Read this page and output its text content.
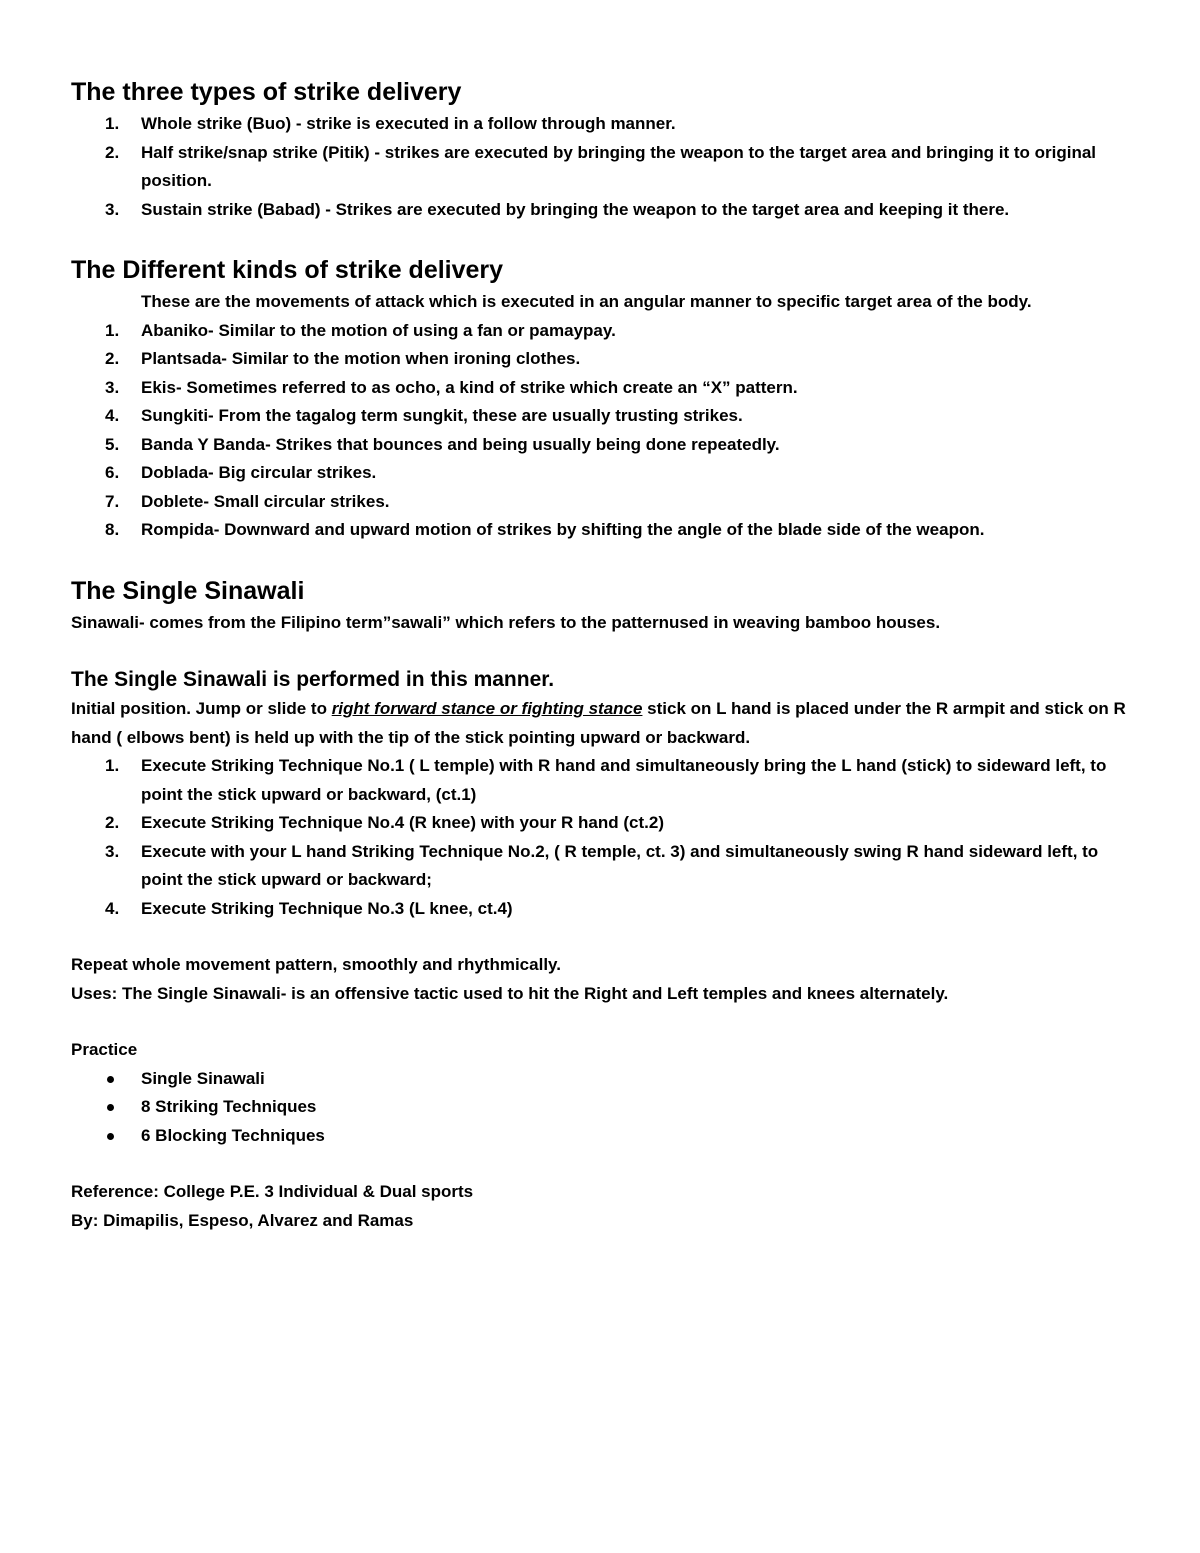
The three types of strike delivery
1. Whole strike (Buo) - strike is executed in a follow through manner.
2. Half strike/snap strike (Pitik) - strikes are executed by bringing the weapon to the target area and bringing it to original position.
3. Sustain strike (Babad) - Strikes are executed by bringing the weapon to the target area and keeping it there.
The Different kinds of strike delivery

These are the movements of attack which is executed in an angular manner to specific target area of the body.

1. Abaniko- Similar to the motion of using a fan or pamaypay.
2. Plantsada- Similar to the motion when ironing clothes.
3. Ekis- Sometimes referred to as ocho, a kind of strike which create an “X” pattern.
4. Sungkiti- From the tagalog term sungkit, these are usually trusting strikes.
5. Banda Y Banda- Strikes that bounces and being usually being done repeatedly.
6. Doblada- Big circular strikes.
7. Doblete- Small circular strikes.
8. Rompida- Downward and upward motion of strikes by shifting the angle of the blade side of the weapon.
The Single Sinawali

Sinawali- comes from the Filipino term”sawali” which refers to the patternused in weaving bamboo houses.

The Single Sinawali is performed in this manner.

Initial position. Jump or slide to right forward stance or fighting stance stick on L hand is placed under the R armpit and stick on R hand ( elbows bent) is held up with the tip of the stick pointing upward or backward.

1. Execute Striking Technique No.1 ( L temple) with R hand and simultaneously bring the L hand (stick) to sideward left, to point the stick upward or backward, (ct.1)
2. Execute Striking Technique No.4 (R knee) with your R hand (ct.2)
3. Execute with your L hand Striking Technique No.2, ( R temple, ct. 3) and simultaneously swing R hand sideward left, to point the stick upward or backward;
4. Execute Striking Technique No.3 (L knee, ct.4)

Repeat whole movement pattern, smoothly and rhythmically.

Uses: The Single Sinawali- is an offensive tactic used to hit the Right and Left temples and knees alternately.

Practice

Single Sinawali
8 Striking Techniques
6 Blocking Techniques

Reference: College P.E. 3 Individual & Dual sports

By: Dimapilis, Espeso, Alvarez and Ramas
